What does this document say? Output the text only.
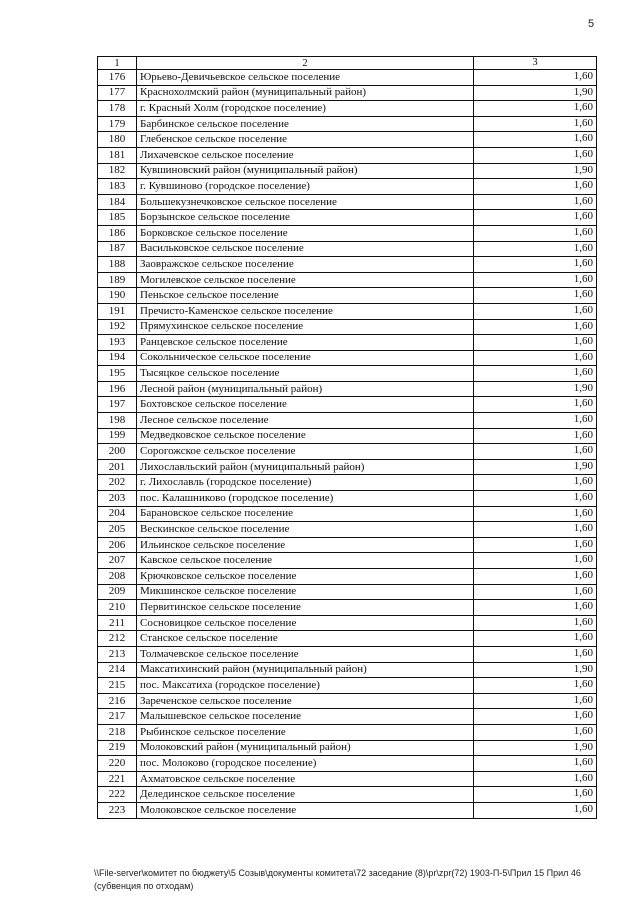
5
1	2	3
176	Юрьево-Девичьевское сельское поселение	1,60
177	Краснохолмский район (муниципальный район)	1,90
178	г. Красный Холм (городское поселение)	1,60
179	Барбинское сельское поселение	1,60
180	Глебенское сельское поселение	1,60
181	Лихачевское сельское поселение	1,60
182	Кувшиновский район (муниципальный район)	1,90
183	г. Кувшиново (городское поселение)	1,60
184	Большекузнечковское сельское поселение	1,60
185	Борзынское сельское поселение	1,60
186	Борковское сельское поселение	1,60
187	Васильковское сельское поселение	1,60
188	Заовражское сельское поселение	1,60
189	Могилевское сельское поселение	1,60
190	Пеньское сельское поселение	1,60
191	Пречисто-Каменское сельское поселение	1,60
192	Прямухинское сельское поселение	1,60
193	Ранцевское сельское поселение	1,60
194	Сокольническое сельское поселение	1,60
195	Тысяцкое сельское поселение	1,60
196	Лесной район (муниципальный район)	1,90
197	Бохтовское сельское поселение	1,60
198	Лесное сельское поселение	1,60
199	Медведковское сельское поселение	1,60
200	Сорогожское сельское поселение	1,60
201	Лихославльский район (муниципальный район)	1,90
202	г. Лихославль (городское поселение)	1,60
203	пос. Калашниково (городское поселение)	1,60
204	Барановское сельское поселение	1,60
205	Вескинское сельское поселение	1,60
206	Ильинское сельское поселение	1,60
207	Кавское сельское поселение	1,60
208	Крючковское сельское поселение	1,60
209	Микшинское сельское поселение	1,60
210	Первитинское сельское поселение	1,60
211	Сосновицкое сельское поселение	1,60
212	Станское сельское поселение	1,60
213	Толмачевское сельское поселение	1,60
214	Максатихинский район (муниципальный район)	1,90
215	пос. Максатиха (городское поселение)	1,60
216	Зареченское сельское поселение	1,60
217	Малышевское сельское поселение	1,60
218	Рыбинское сельское поселение	1,60
219	Молоковский район (муниципальный район)	1,90
220	пос. Молоково (городское поселение)	1,60
221	Ахматовское сельское поселение	1,60
222	Делединское сельское поселение	1,60
223	Молоковское сельское поселение	1,60
\\File-server\комитет по бюджету\5 Созыв\документы комитета\72 заседание (8)\pr\zpr(72) 1903-П-5\Прил 15 Прил 46
(субвенция по отходам)
